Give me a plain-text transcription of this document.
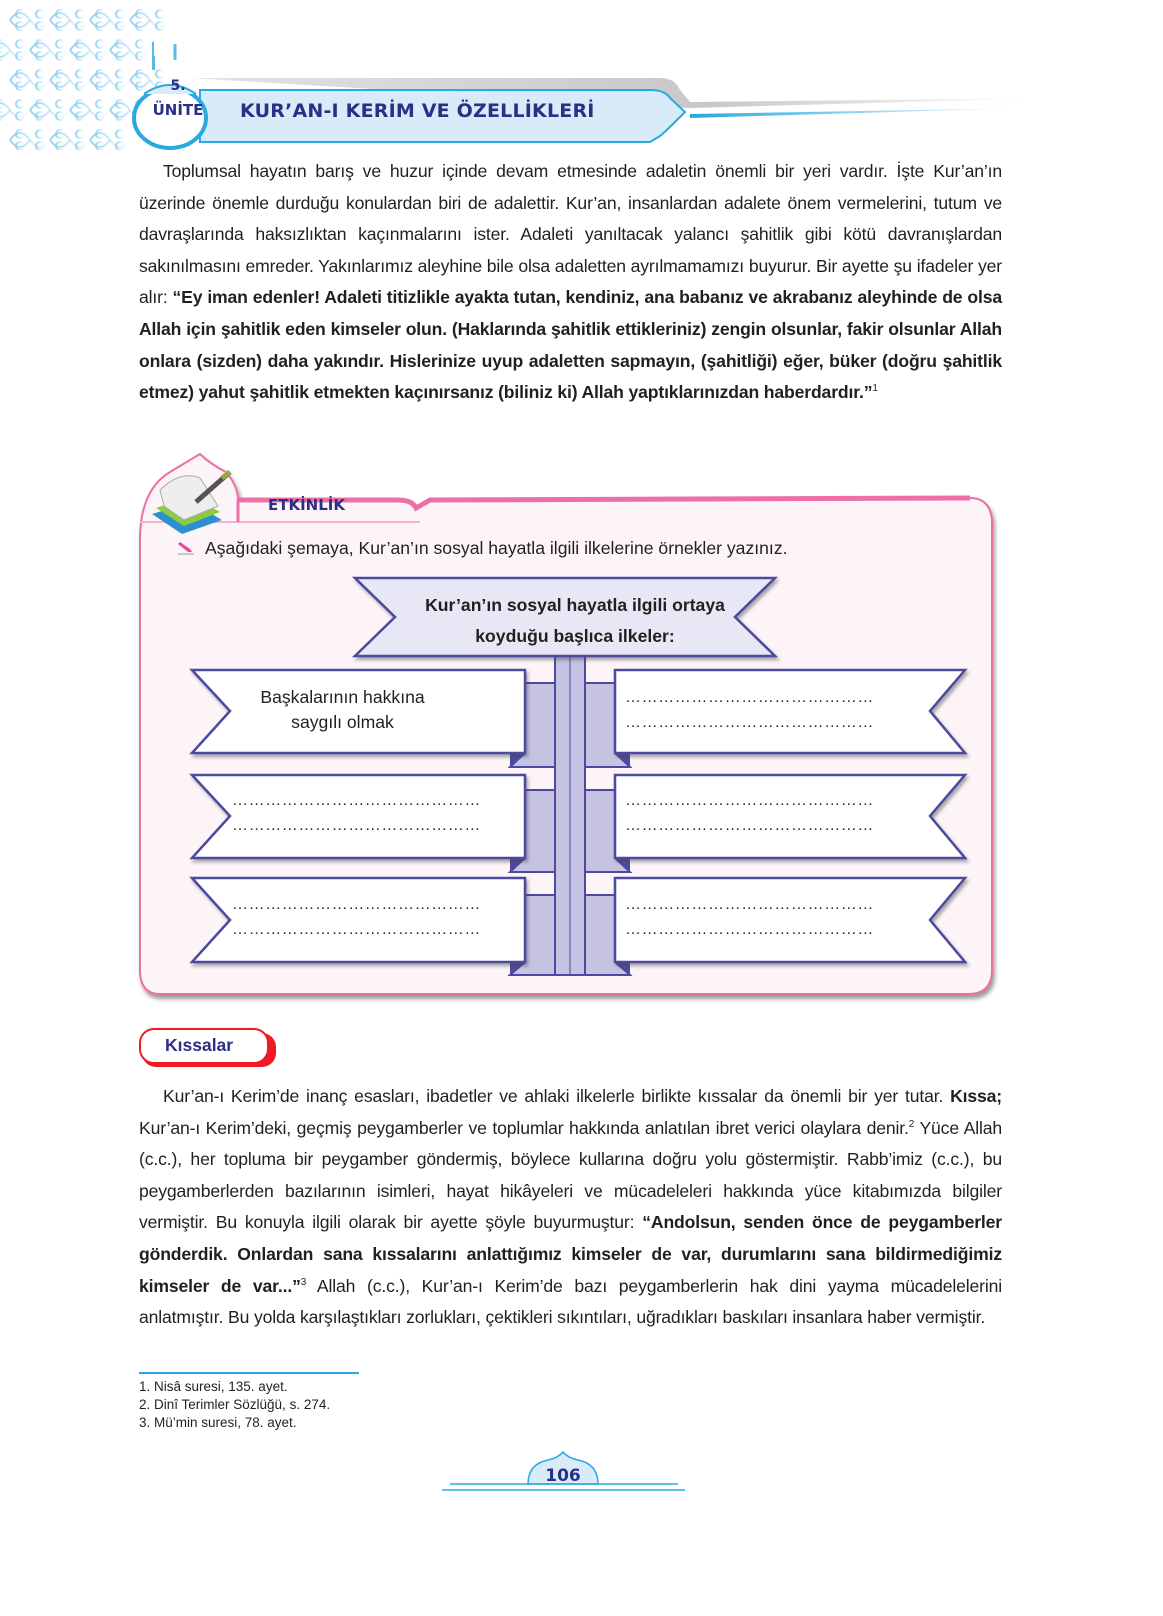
5.
ÜNİTE	KUR’AN-I KERİM VE ÖZELLİKLERİ

Toplumsal hayatın barış ve huzur içinde devam etmesinde adaletin önemli bir yeri vardır. İşte Kur’an’ın üzerinde önemle durduğu konulardan biri de adalettir. Kur’an, insanlardan adalete önem vermelerini, tutum ve davraşlarında haksızlıktan kaçınmalarını ister. Adaleti yanıltacak yalancı şahitlik gibi kötü davranışlardan sakınılmasını emreder. Yakınlarımız aleyhine bile olsa adaletten ayrılmamamızı buyurur. Bir ayette şu ifadeler yer alır: “Ey iman edenler! Adaleti titizlikle ayakta tutan, kendiniz, ana babanız ve akrabanız aleyhinde de olsa Allah için şahitlik eden kimseler olun. (Haklarında şahitlik ettikleriniz) zengin olsunlar, fakir olsunlar Allah onlara (sizden) daha yakındır. Hislerinize uyup adaletten sapmayın, (şahitliği) eğer, büker (doğru şahitlik etmez) yahut şahitlik etmekten kaçınırsanız (biliniz ki) Allah yaptıklarınızdan haberdardır.”$^1$

ETKİNLİK
Aşağıdaki şemaya, Kur’an’ın sosyal hayatla ilgili ilkelerine örnekler yazınız.
Kur’an’ın sosyal hayatla ilgili ortaya
koyduğu başlıca ilkeler:
Başkalarının hakkına
saygılı olmak
………………………………………
………………………………………
………………………………………
………………………………………
………………………………………
………………………………………
………………………………………
………………………………………
………………………………………
………………………………………
Kıssalar

Kur’an-ı Kerim’de inanç esasları, ibadetler ve ahlaki ilkelerle birlikte kıssalar da önemli bir yer tutar. Kıssa; Kur’an-ı Kerim’deki, geçmiş peygamberler ve toplumlar hakkında anlatılan ibret verici olaylara denir.$^2$ Yüce Allah (c.c.), her topluma bir peygamber göndermiş, böylece kullarına doğru yolu göstermiştir. Rabb’imiz (c.c.), bu peygamberlerden bazılarının isimleri, hayat hikâyeleri ve mücadeleleri hakkında yüce kitabımızda bilgiler vermiştir. Bu konuyla ilgili olarak bir ayette şöyle buyurmuştur: “Andolsun, senden önce de peygamberler gönderdik. Onlardan sana kıssalarını anlattığımız kimseler de var, durumlarını sana bildirmediğimiz kimseler de var...”$^3$ Allah (c.c.), Kur’an-ı Kerim’de bazı peygamberlerin hak dini yayma mücadelelerini anlatmıştır. Bu yolda karşılaştıkları zorlukları, çektikleri sıkıntıları, uğradıkları baskıları insanlara haber vermiştir.

1. Nisâ suresi, 135. ayet.
2. Dinî Terimler Sözlüğü, s. 274.
3. Mü’min suresi, 78. ayet.
106
